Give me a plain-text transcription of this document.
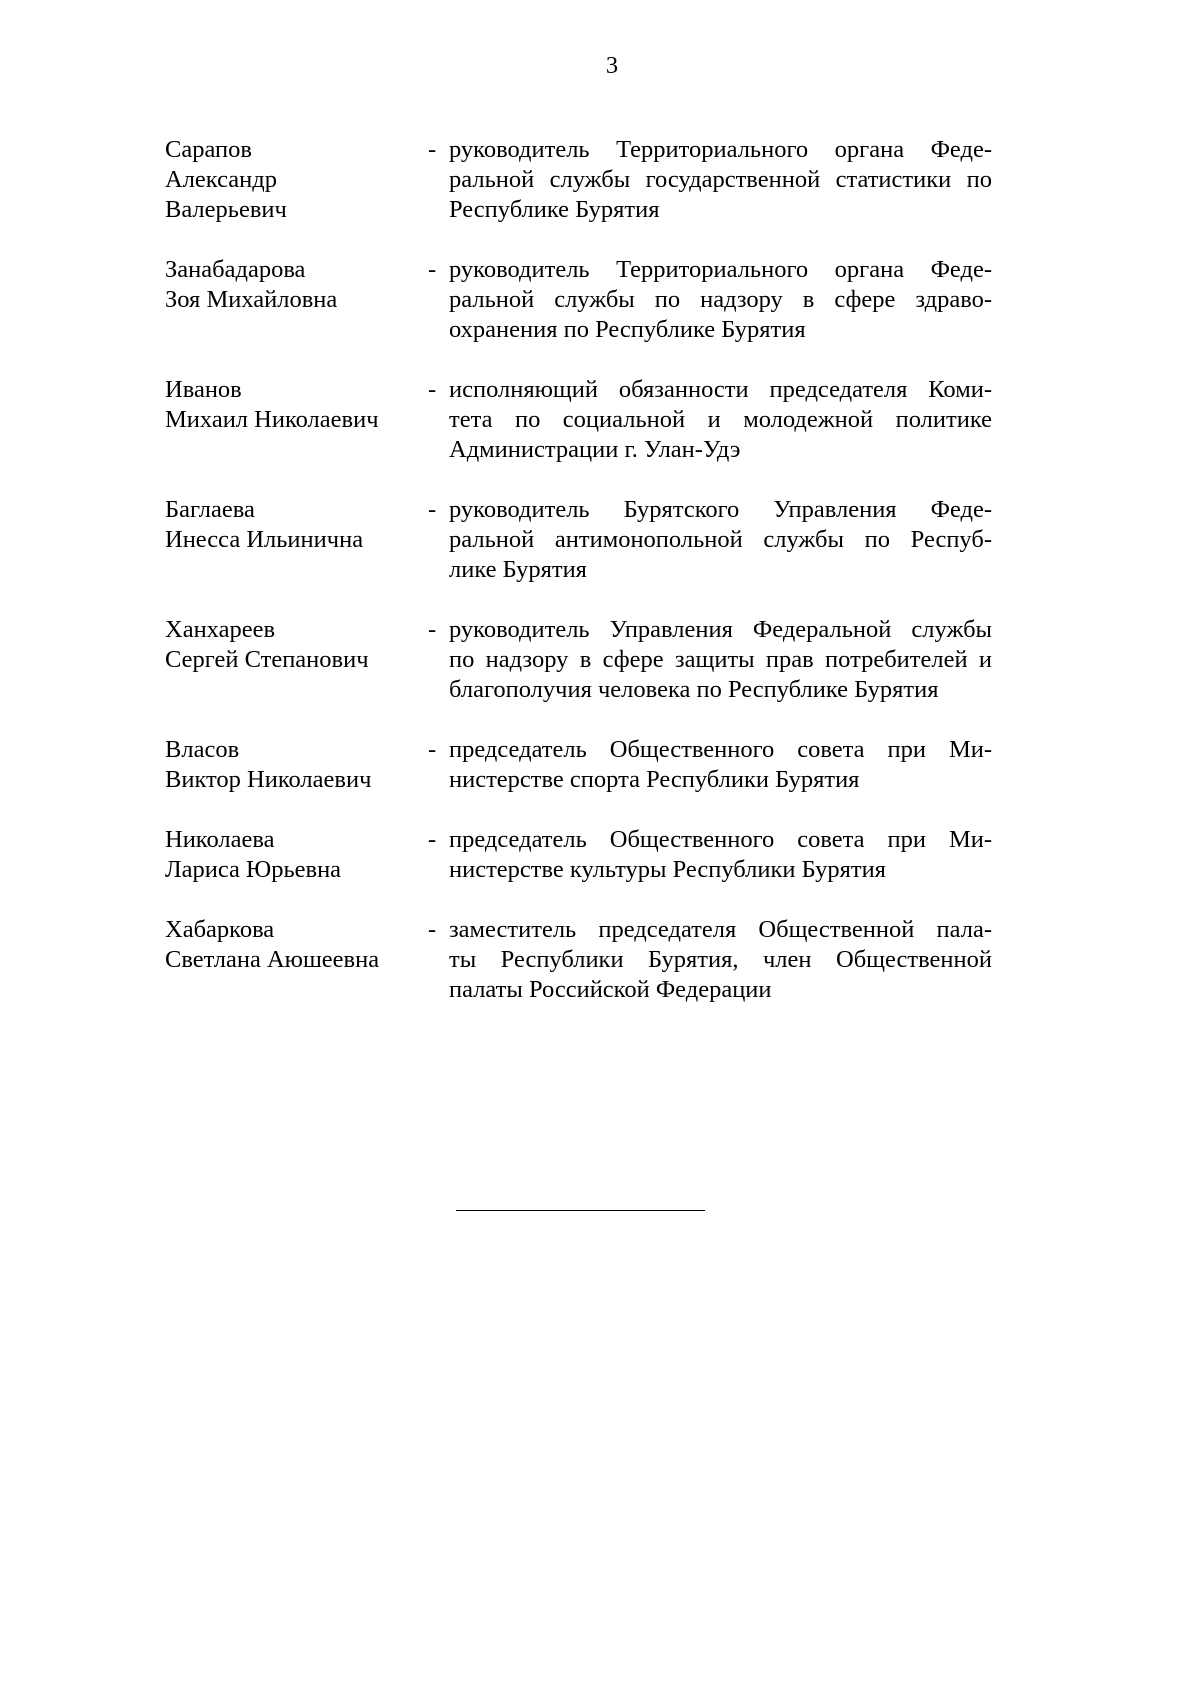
3
Сарапов
Александр
Валерьевич
- руководитель Территориального органа Феде-
ральной службы государственной статистики по
Республике Бурятия
Занабадарова
Зоя Михайловна
- руководитель Территориального органа Феде-
ральной службы по надзору в сфере здраво-
охранения по Республике Бурятия
Иванов
Михаил Николаевич
- исполняющий обязанности председателя Коми-
тета по социальной и молодежной политике
Администрации г. Улан-Удэ
Баглаева
Инесса Ильинична
- руководитель Бурятского Управления Феде-
ральной антимонопольной службы по Респуб-
лике Бурятия
Ханхареев
Сергей Степанович
- руководитель Управления Федеральной службы
по надзору в сфере защиты прав потребителей и
благополучия человека по Республике Бурятия
Власов
Виктор Николаевич
- председатель Общественного совета при Ми-
нистерстве спорта Республики Бурятия
Николаева
Лариса Юрьевна
- председатель Общественного совета при Ми-
нистерстве культуры Республики Бурятия
Хабаркова
Светлана Аюшеевна
- заместитель председателя Общественной пала-
ты Республики Бурятия, член Общественной
палаты Российской Федерации
